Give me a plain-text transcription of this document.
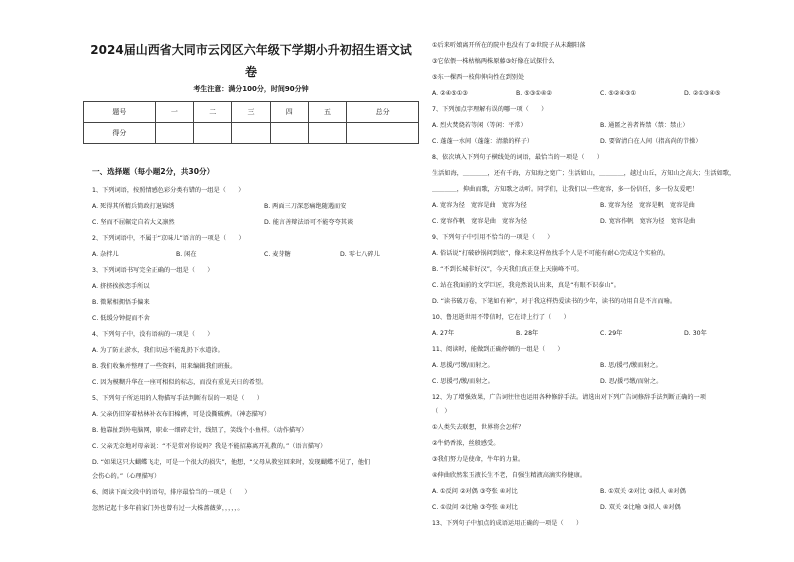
2024届山西省大同市云冈区六年级下学期小升初招生语文试
卷
考生注意：满分100分，时间90分钟
题号	一	二	三	四	五	总分
得分						
一、选择题（每小题2分，共30分）
1、下列词语，按照情感色彩分类有错的一组是（　　）
A. 死得其所精兵简政打退锦绣	B. 两面三刀深恶痛绝随遇而安
C. 坚而不屈辗定自若大义凛然	D. 能言善辩法语可不能夸夸其谈
2、下列词语中，不属于“京味儿”语言的一项是（　　）
A. 杂拌儿	B. 闲在	C. 麦芽糖	D. 零七八碎儿
3、下列词语书写完全正确的一组是（　　）
A. 挤挤挨挨恋手所以
B. 微紧相拥悟手偏来
C. 低缓分钟提而不舍
4、下列句子中，没有语病的一项是（　　）
A. 为了防止淤水，我们切忌不能乱扔下水道涂。
B. 我们收集并整理了一些资料，用来编辑我们班报。
C. 因为模糊升华在一座可相似的标志，而没有重见天日的希望。
5、下列句子所运用的人物描写手法判断有误的一项是（　　）
A. 父亲仍旧穿着枯林补衣布旧棉裤，可是没撕破裤。（神态描写）
B. 他靠扯到外电脑网，职业一细碎走针，线钮了，笑线个小鱼样。（动作描写）
C. 父亲无奈地对母亲说：“不是常对你说吗？我是不能招募离开礼教的。”（语言描写）
D. “如果这只大蝴蝶飞走，可是一个很大的损失”，他想，“父母从教室回来时，发现蝴蝶不见了，他们
会伤心的。”（心理描写）
6、阅读下面文段中的语句，排序最恰当的一项是（　　）
忽然记起十多年前家门外也曾有过一大株蔷薇萝，，，，，。
①后来听娘离开所在的院中也没有了②世院子从未翻阳落
③它依偎一株枯槁两株原藤③好像在试探什么
⑤东一棵西一枝仰伸向性在到别处
A. ②④⑤①③	B. ⑤③①④②	C. ⑤②④③①	D. ②①③④⑤
7、下列加点字理解有误的哪一项（　　）
A. 烈火焚烧若等闲（等闲：平常）	B. 通匿之善者皆禁（禁：禁止）
C. 蓬蓬一水间（蓬蓬：清澈的样子）	D. 要留清白在人间（指高尚的节操）
8、依次填入下列句子横线处的词语，最恰当的一项是（　　）
生活如海，＿＿＿＿，还有千海，方知海之宽广；生活如山，＿＿＿＿，越过山丘，方知山之高大；生活如歌，
＿＿＿＿，抑曲而歌，方知歌之动听。同学们，让我们以一些宽容，多一份信任，多一份友爱吧！
A. 宽容为径　宽容是曲　宽容为径	B. 宽容为径　宽容是帆　宽容是曲
C. 宽容作帆　宽容是曲　宽容为径	D. 宽容作帆　宽容为径　宽容是曲
9、下列句子中引用不恰当的一项是（　　）
A. 俗话说“打破砂锅问到底”，像未来这样鱼找手个人是不可能有耐心完成这个实验的。
B. “不到长城非好汉”，今天我们真正登上天崩峰不可。
C. 站在我面前的文学巨匠，我竟然说认出来，真是“有眼不识泰山”。
D. “读书破万卷，下笔如有神”，对于我这样热爱读书的少年，读书的功用自是不言而喻。
10、鲁迅逝世用不带信时，它在诗上行了（　　）
A. 27年	B. 28年	C. 29年	D. 30年
11、阅读时，能做到正确停顿的一组是（　　）
A. 思援/弓缴/而射之。	B. 思/援弓/缴而射之。
C. 思援弓/缴/而射之。	D. 思/援弓缴/而射之。
12、为了增强效果，广告词往往也运用各种修辞手法。请选出对下列广告词修辞手法判断正确的一项
（　）
①人类失去联想，世界将会怎样？
②牛奶香浓，丝般感受。
③我们努力是使命，牛年的力量。
④伸曲欣然浆玉液长生不老，自强生精液高滴实你健康。
A. ①反问 ②对偶 ③夸张 ④对比	B. ①双关 ②对比 ③拟人 ④对偶
C. ①设问 ②比喻 ③夸张 ④对比	D. 双关 ②比喻 ③拟人 ④对偶
13、下列句子中加点的成语运用正确的一项是（　　）
